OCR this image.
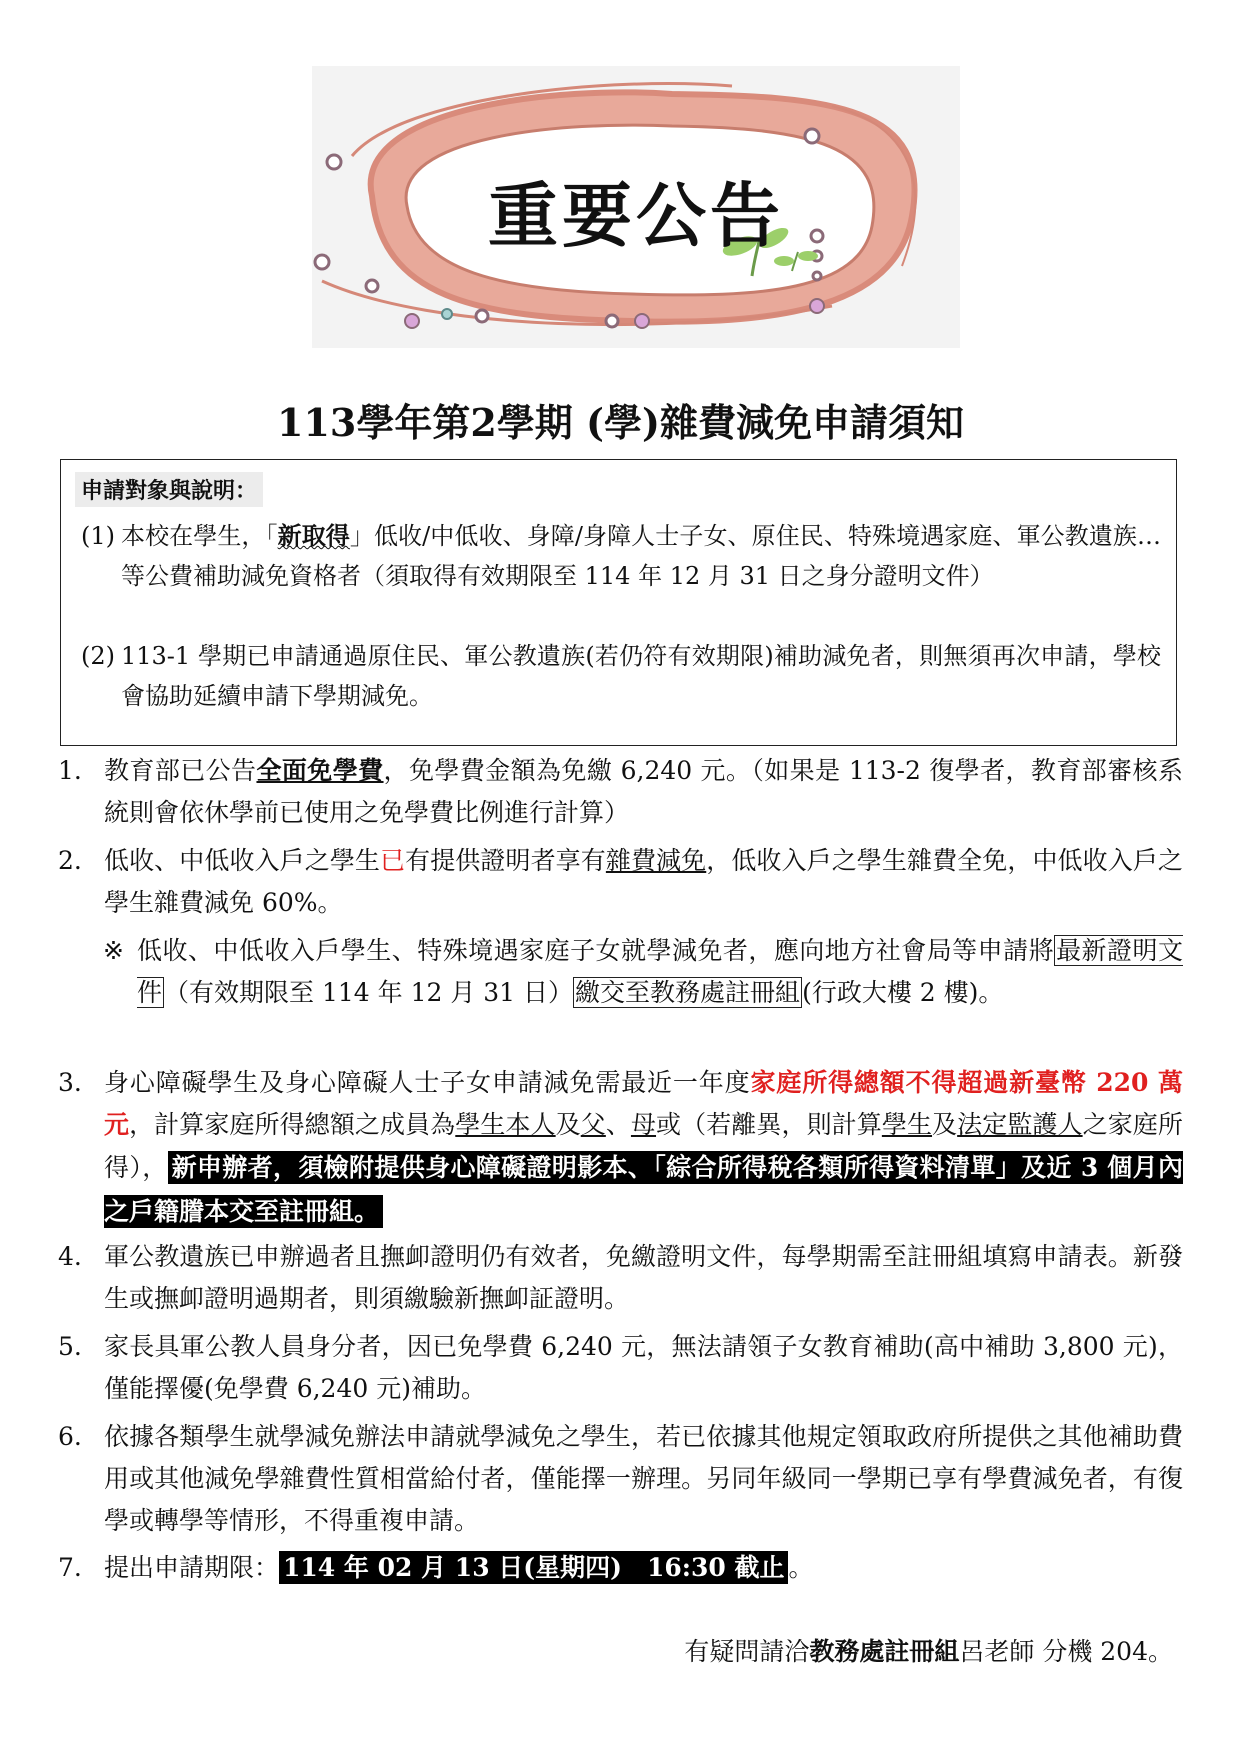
重要公告
113學年第2學期 (學)雜費減免申請須知
申請對象與說明：
(1) 本校在學生，「新取得」低收/中低收、身障/身障人士子女、原住民、特殊境遇家庭、軍公教遺族…等公費補助減免資格者（須取得有效期限至 114 年 12 月 31 日之身分證明文件）
(2) 113-1 學期已申請通過原住民、軍公教遺族(若仍符有效期限)補助減免者，則無須再次申請，學校會協助延續申請下學期減免。
1. 教育部已公告全面免學費，免學費金額為免繳 6,240 元。（如果是 113-2 復學者，教育部審核系統則會依休學前已使用之免學費比例進行計算）
2. 低收、中低收入戶之學生已有提供證明者享有雜費減免，低收入戶之學生雜費全免，中低收入戶之學生雜費減免 60%。
※ 低收、中低收入戶學生、特殊境遇家庭子女就學減免者，應向地方社會局等申請將最新證明文件（有效期限至 114 年 12 月 31 日）繳交至教務處註冊組(行政大樓 2 樓)。
3. 身心障礙學生及身心障礙人士子女申請減免需最近一年度家庭所得總額不得超過新臺幣 220 萬元，計算家庭所得總額之成員為學生本人及父、母或（若離異，則計算學生及法定監護人之家庭所得）， 新申辦者，須檢附提供身心障礙證明影本、「綜合所得稅各類所得資料清單」及近 3 個月內之戶籍謄本交至註冊組。
4. 軍公教遺族已申辦過者且撫卹證明仍有效者，免繳證明文件，每學期需至註冊組填寫申請表。新發生或撫卹證明過期者，則須繳驗新撫卹証證明。
5. 家長具軍公教人員身分者，因已免學費 6,240 元，無法請領子女教育補助(高中補助 3,800 元)，僅能擇優(免學費 6,240 元)補助。
6. 依據各類學生就學減免辦法申請就學減免之學生，若已依據其他規定領取政府所提供之其他補助費用或其他減免學雜費性質相當給付者，僅能擇一辦理。另同年級同一學期已享有學費減免者，有復學或轉學等情形，不得重複申請。
7. 提出申請期限： 114 年 02 月 13 日(星期四)　16:30 截止 。
有疑問請洽教務處註冊組呂老師 分機 204。
